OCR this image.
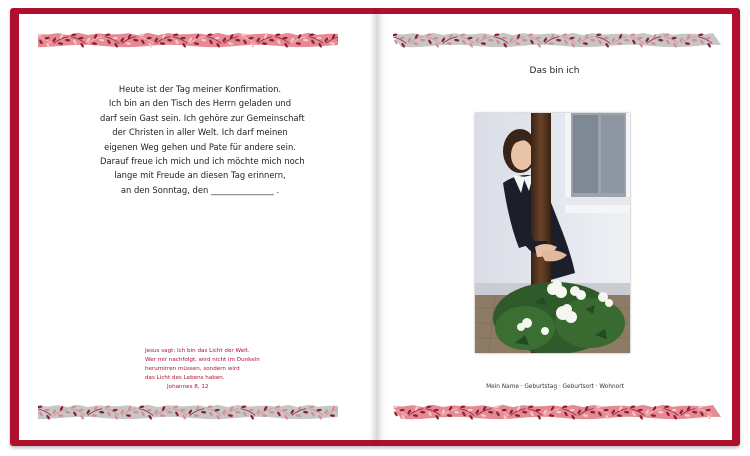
Heute ist der Tag meiner Konfirmation.
Ich bin an den Tisch des Herrn geladen und
darf sein Gast sein. Ich gehöre zur Gemeinschaft
der Christen in aller Welt. Ich darf meinen
eigenen Weg gehen und Pate für andere sein.
Darauf freue ich mich und ich möchte mich noch
lange mit Freude an diesen Tag erinnern,
an den Sonntag, den _______________ .
Jesus sagt: Ich bin das Licht der Welt.
Wer mir nachfolgt, wird nicht im Dunkeln
herumirren müssen, sondern wird
das Licht des Lebens haben.
Johannes 8, 12
Das bin ich
Mein Name · Geburtstag · Geburtsort · Wohnort
